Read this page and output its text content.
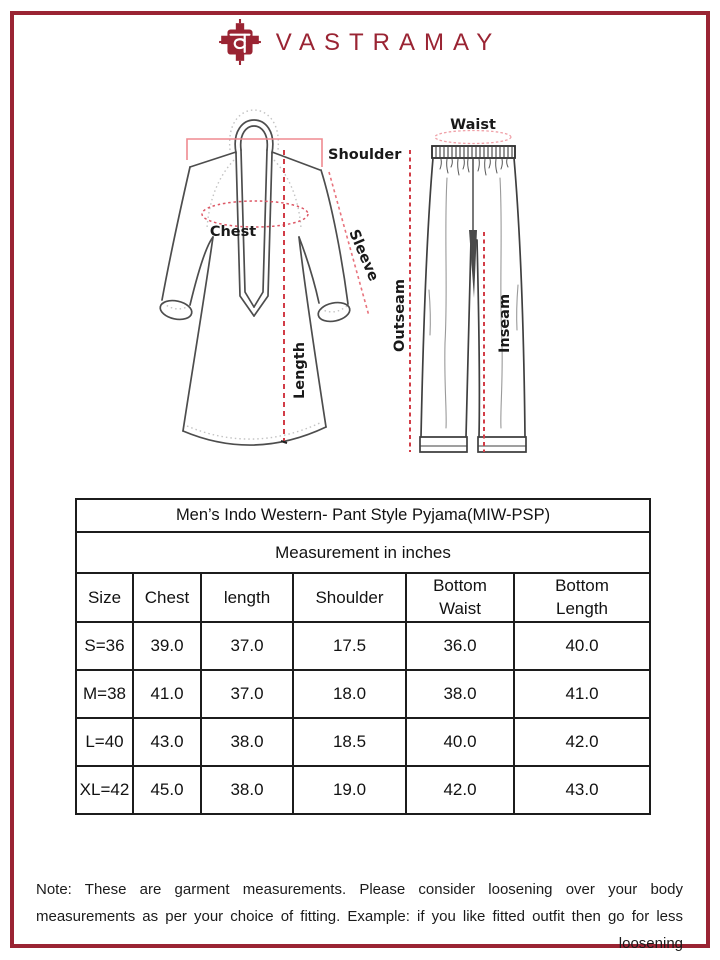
VASTRAMAY
Shoulder
Chest	Sleeve
Length
Waist
Outseam	Inseam
Men’s Indo Western- Pant Style Pyjama(MIW-PSP)					
Measurement in inches					
Size	Chest	length	Shoulder	Bottom Waist	Bottom Length
S=36	39.0	37.0	17.5	36.0	40.0
M=38	41.0	37.0	18.0	38.0	41.0
L=40	43.0	38.0	18.5	40.0	42.0
XL=42	45.0	38.0	19.0	42.0	43.0

Note: These are garment measurements. Please consider loosening over your body measurements as per your choice of fitting. Example: if you like fitted outfit then go for less loosening
